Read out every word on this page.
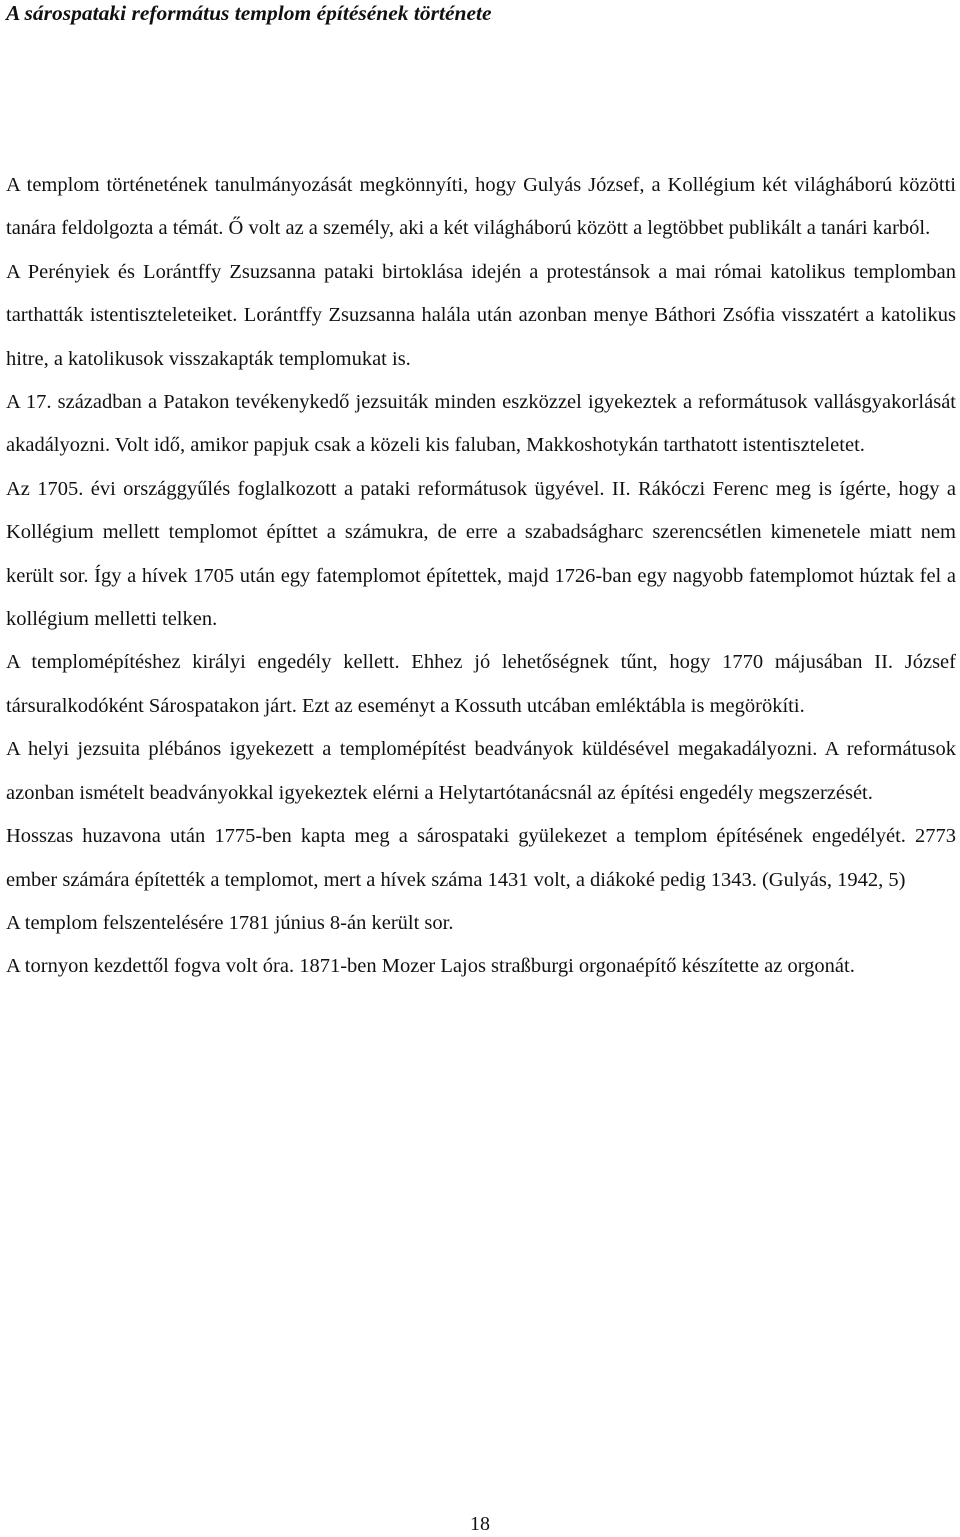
A sárospataki református templom építésének története

A templom történetének tanulmányozását megkönnyíti, hogy Gulyás József, a Kollégium két világháború közötti tanára feldolgozta a témát. Ő volt az a személy, aki a két világháború között a legtöbbet publikált a tanári karból.

A Perényiek és Lorántffy Zsuzsanna pataki birtoklása idején a protestánsok a mai római katolikus templomban tarthatták istentiszteleteiket. Lorántffy Zsuzsanna halála után azonban menye Báthori Zsófia visszatért a katolikus hitre, a katolikusok visszakapták templomukat is.

A 17. században a Patakon tevékenykedő jezsuiták minden eszközzel igyekeztek a reformátusok vallásgyakorlását akadályozni. Volt idő, amikor papjuk csak a közeli kis faluban, Makkoshotykán tarthatott istentiszteletet.

Az 1705. évi országgyűlés foglalkozott a pataki reformátusok ügyével. II. Rákóczi Ferenc meg is ígérte, hogy a Kollégium mellett templomot építtet a számukra, de erre a szabadságharc szerencsétlen kimenetele miatt nem került sor. Így a hívek 1705 után egy fatemplomot építettek, majd 1726-ban egy nagyobb fatemplomot húztak fel a kollégium melletti telken.

A templomépítéshez királyi engedély kellett. Ehhez jó lehetőségnek tűnt, hogy 1770 májusában II. József társuralkodóként Sárospatakon járt. Ezt az eseményt a Kossuth utcában emléktábla is megörökíti.

A helyi jezsuita plébános igyekezett a templomépítést beadványok küldésével megakadályozni. A reformátusok azonban ismételt beadványokkal igyekeztek elérni a Helytartótanácsnál az építési engedély megszerzését.

Hosszas huzavona után 1775-ben kapta meg a sárospataki gyülekezet a templom építésének engedélyét. 2773 ember számára építették a templomot, mert a hívek száma 1431 volt, a diákoké pedig 1343. (Gulyás, 1942, 5)

A templom felszentelésére 1781 június 8-án került sor.

A tornyon kezdettől fogva volt óra. 1871-ben Mozer Lajos straßburgi orgonaépítő készítette az orgonát.

18
